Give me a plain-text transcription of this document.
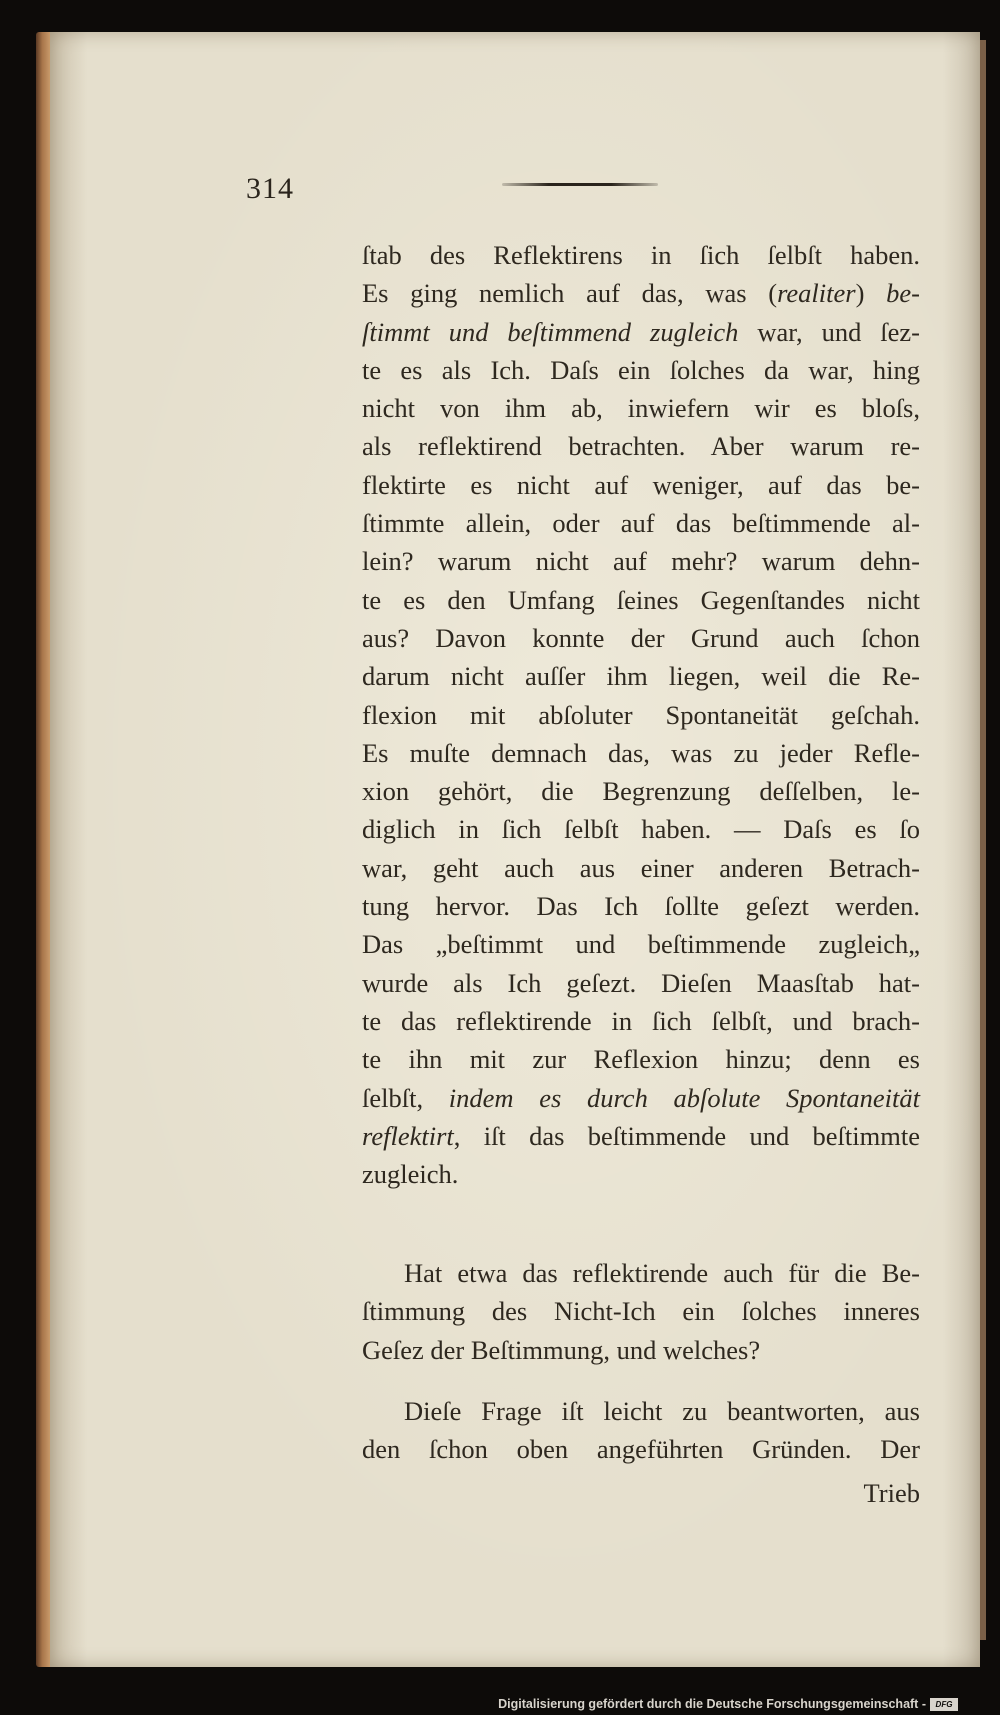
314
ſtab des Reflektirens in ſich ſelbſt haben.
Es ging nemlich auf das, was (realiter) be-
ſtimmt und beſtimmend zugleich war, und ſez-
te es als Ich. Daſs ein ſolches da war, hing
nicht von ihm ab, inwiefern wir es bloſs,
als reflektirend betrachten. Aber warum re-
flektirte es nicht auf weniger, auf das be-
ſtimmte allein, oder auf das beſtimmende al-
lein? warum nicht auf mehr? warum dehn-
te es den Umfang ſeines Gegenſtandes nicht
aus? Davon konnte der Grund auch ſchon
darum nicht auſſer ihm liegen, weil die Re-
flexion mit abſoluter Spontaneität geſchah.
Es muſte demnach das, was zu jeder Refle-
xion gehört, die Begrenzung deſſelben, le-
diglich in ſich ſelbſt haben. — Daſs es ſo
war, geht auch aus einer anderen Betrach-
tung hervor. Das Ich ſollte geſezt werden.
Das „beſtimmt und beſtimmende zugleich„
wurde als Ich geſezt. Dieſen Maasſtab hat-
te das reflektirende in ſich ſelbſt, und brach-
te ihn mit zur Reflexion hinzu; denn es
ſelbſt, indem es durch abſolute Spontaneität
reflektirt, iſt das beſtimmende und beſtimmte
zugleich.
Hat etwa das reflektirende auch für die Be-
ſtimmung des Nicht-Ich ein ſolches inneres
Geſez der Beſtimmung, und welches?
Dieſe Frage iſt leicht zu beantworten, aus
den ſchon oben angeführten Gründen. Der
Trieb
Digitalisierung gefördert durch die Deutsche Forschungsgemeinschaft -	DFG
